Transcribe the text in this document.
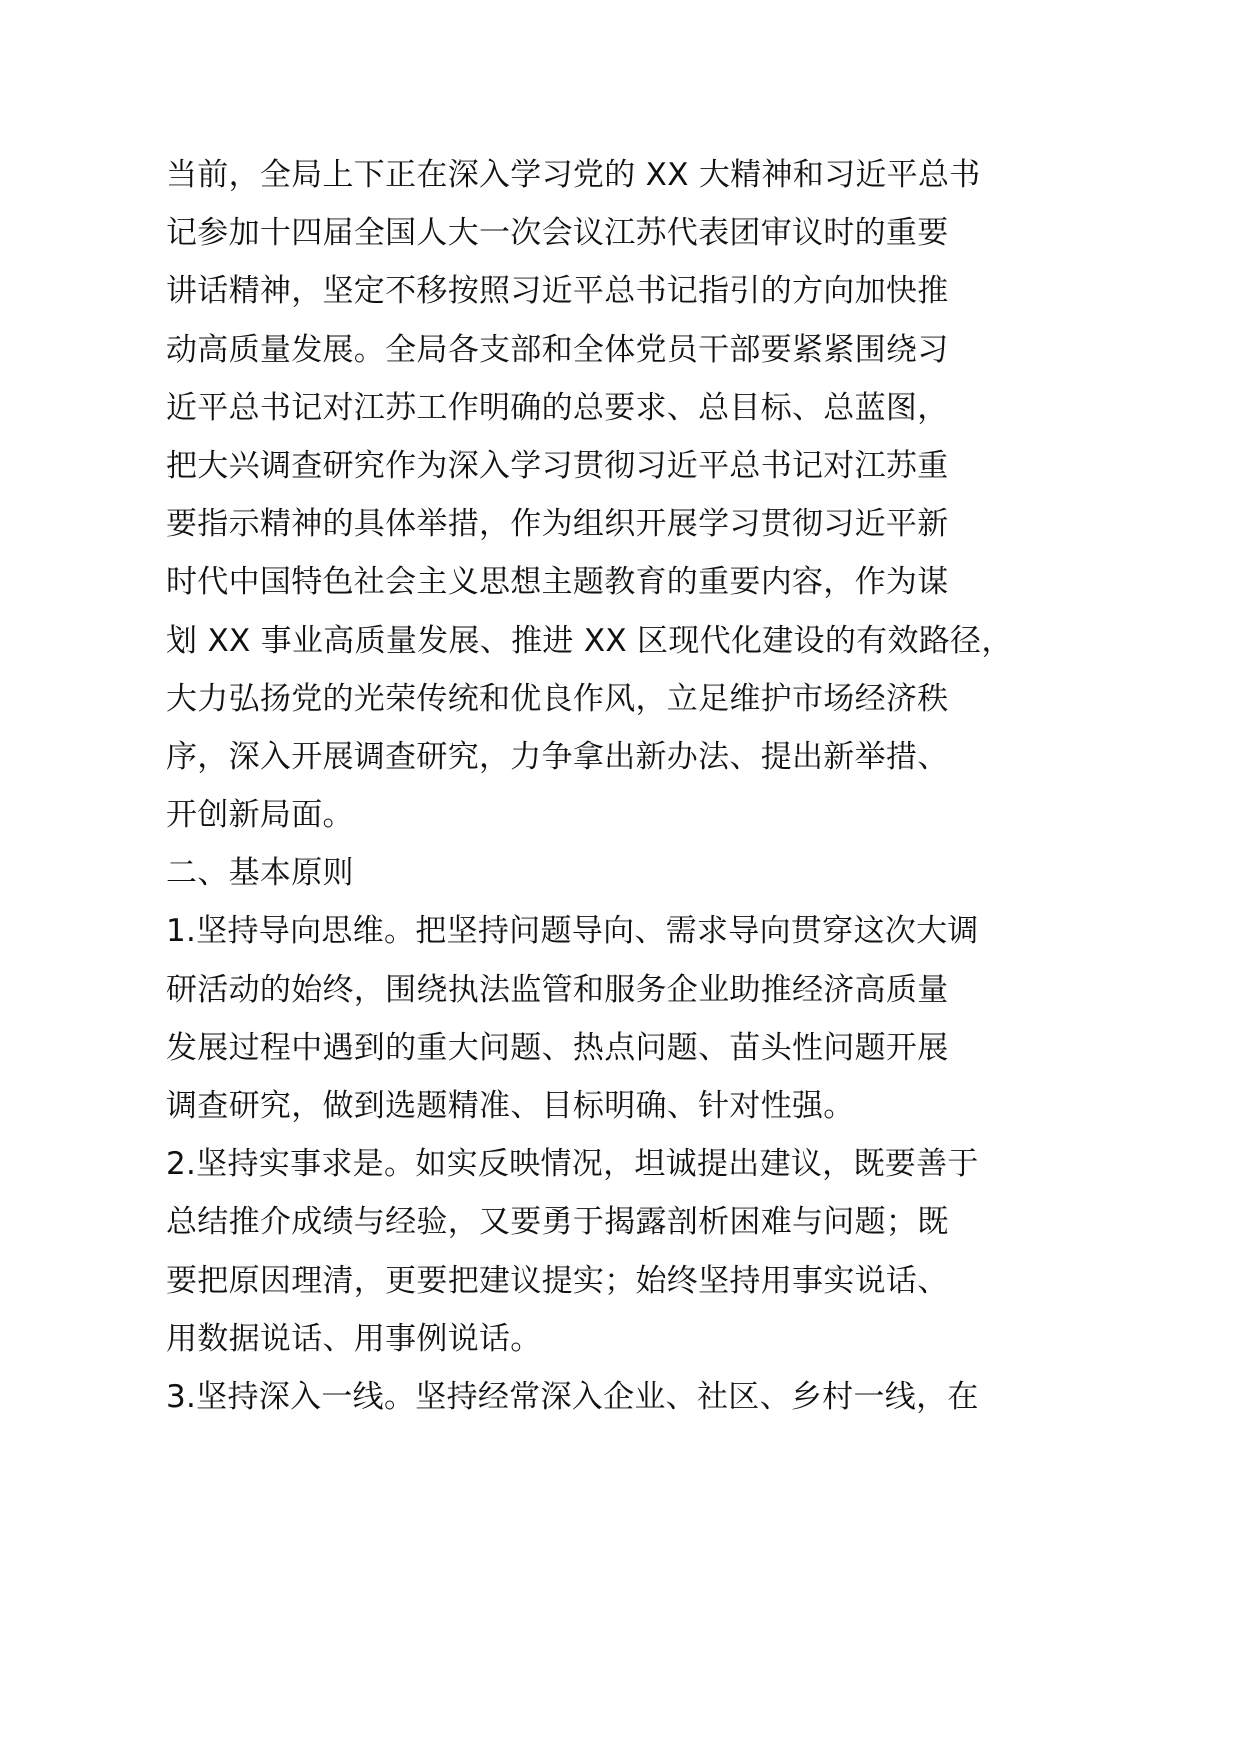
当前，全局上下正在深入学习党的 XX 大精神和习近平总书
记参加十四届全国人大一次会议江苏代表团审议时的重要
讲话精神，坚定不移按照习近平总书记指引的方向加快推
动高质量发展。全局各支部和全体党员干部要紧紧围绕习
近平总书记对江苏工作明确的总要求、总目标、总蓝图，
把大兴调查研究作为深入学习贯彻习近平总书记对江苏重
要指示精神的具体举措，作为组织开展学习贯彻习近平新
时代中国特色社会主义思想主题教育的重要内容，作为谋
划 XX 事业高质量发展、推进 XX 区现代化建设的有效路径，
大力弘扬党的光荣传统和优良作风，立足维护市场经济秩
序，深入开展调查研究，力争拿出新办法、提出新举措、
开创新局面。
二、基本原则
1.坚持导向思维。把坚持问题导向、需求导向贯穿这次大调
研活动的始终，围绕执法监管和服务企业助推经济高质量
发展过程中遇到的重大问题、热点问题、苗头性问题开展
调查研究，做到选题精准、目标明确、针对性强。
2.坚持实事求是。如实反映情况，坦诚提出建议，既要善于
总结推介成绩与经验，又要勇于揭露剖析困难与问题；既
要把原因理清，更要把建议提实；始终坚持用事实说话、
用数据说话、用事例说话。
3.坚持深入一线。坚持经常深入企业、社区、乡村一线，在
